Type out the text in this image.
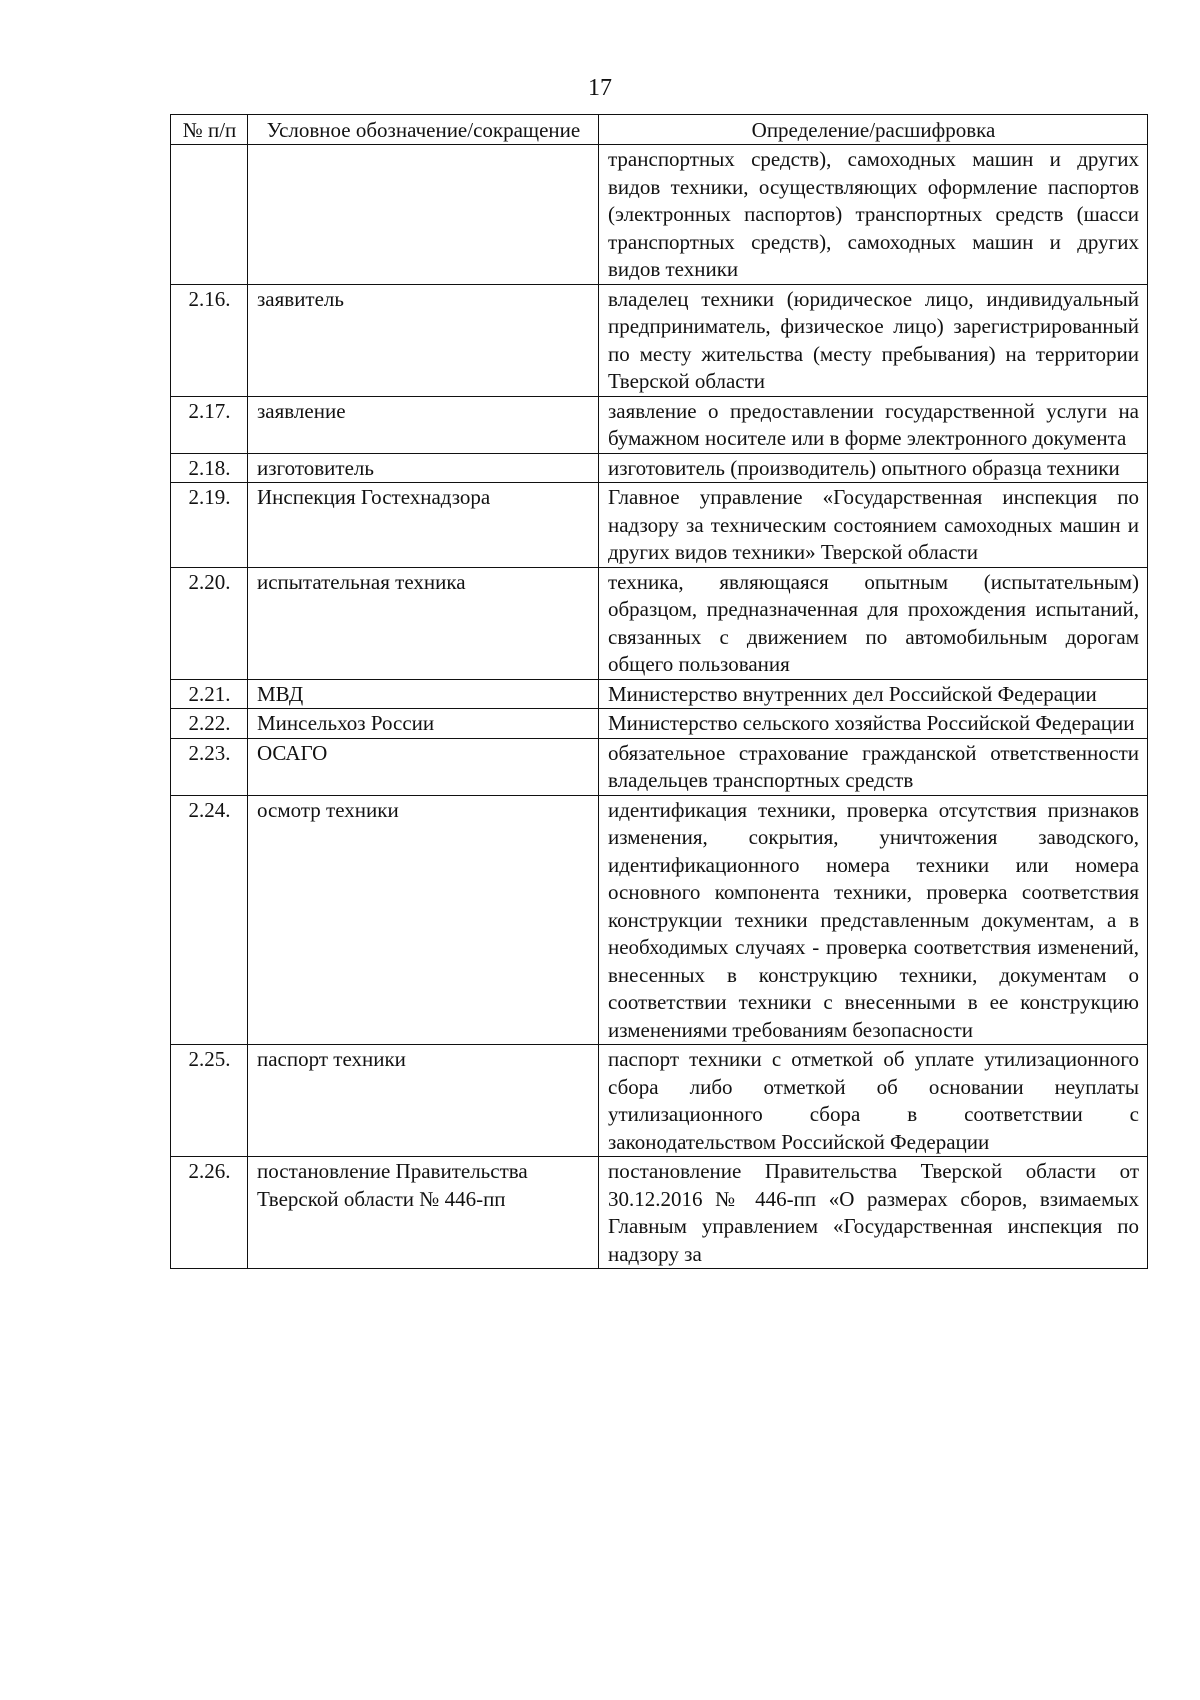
17
№ п/п	Условное обозначение/сокращение	Определение/расшифровка
		транспортных средств), самоходных машин и других видов техники, осуществляющих оформление паспортов (электронных паспортов) транспортных средств (шасси транспортных средств), самоходных машин и других видов техники
2.16.	заявитель	владелец техники (юридическое лицо, индивидуальный предприниматель, физическое лицо) зарегистрированный по месту жительства (месту пребывания) на территории Тверской области
2.17.	заявление	заявление о предоставлении государственной услуги на бумажном носителе или в форме электронного документа
2.18.	изготовитель	изготовитель (производитель) опытного образца техники
2.19.	Инспекция Гостехнадзора	Главное управление «Государственная инспекция по надзору за техническим состоянием самоходных машин и других видов техники» Тверской области
2.20.	испытательная техника	техника, являющаяся опытным (испытательным) образцом, предназначенная для прохождения испытаний, связанных с движением по автомобильным дорогам общего пользования
2.21.	МВД	Министерство внутренних дел Российской Федерации
2.22.	Минсельхоз России	Министерство сельского хозяйства Российской Федерации
2.23.	ОСАГО	обязательное страхование гражданской ответственности владельцев транспортных средств
2.24.	осмотр техники	идентификация техники, проверка отсутствия признаков изменения, сокрытия, уничтожения заводского, идентификационного номера техники или номера основного компонента техники, проверка соответствия конструкции техники представленным документам, а в необходимых случаях - проверка соответствия изменений, внесенных в конструкцию техники, документам о соответствии техники с внесенными в ее конструкцию изменениями требованиям безопасности
2.25.	паспорт техники	паспорт техники с отметкой об уплате утилизационного сбора либо отметкой об основании неуплаты утилизационного сбора в соответствии с законодательством Российской Федерации
2.26.	постановление Правительства Тверской области № 446-пп	постановление Правительства Тверской области от 30.12.2016 № 446-пп «О размерах сборов, взимаемых Главным управлением «Государственная инспекция по надзору за
